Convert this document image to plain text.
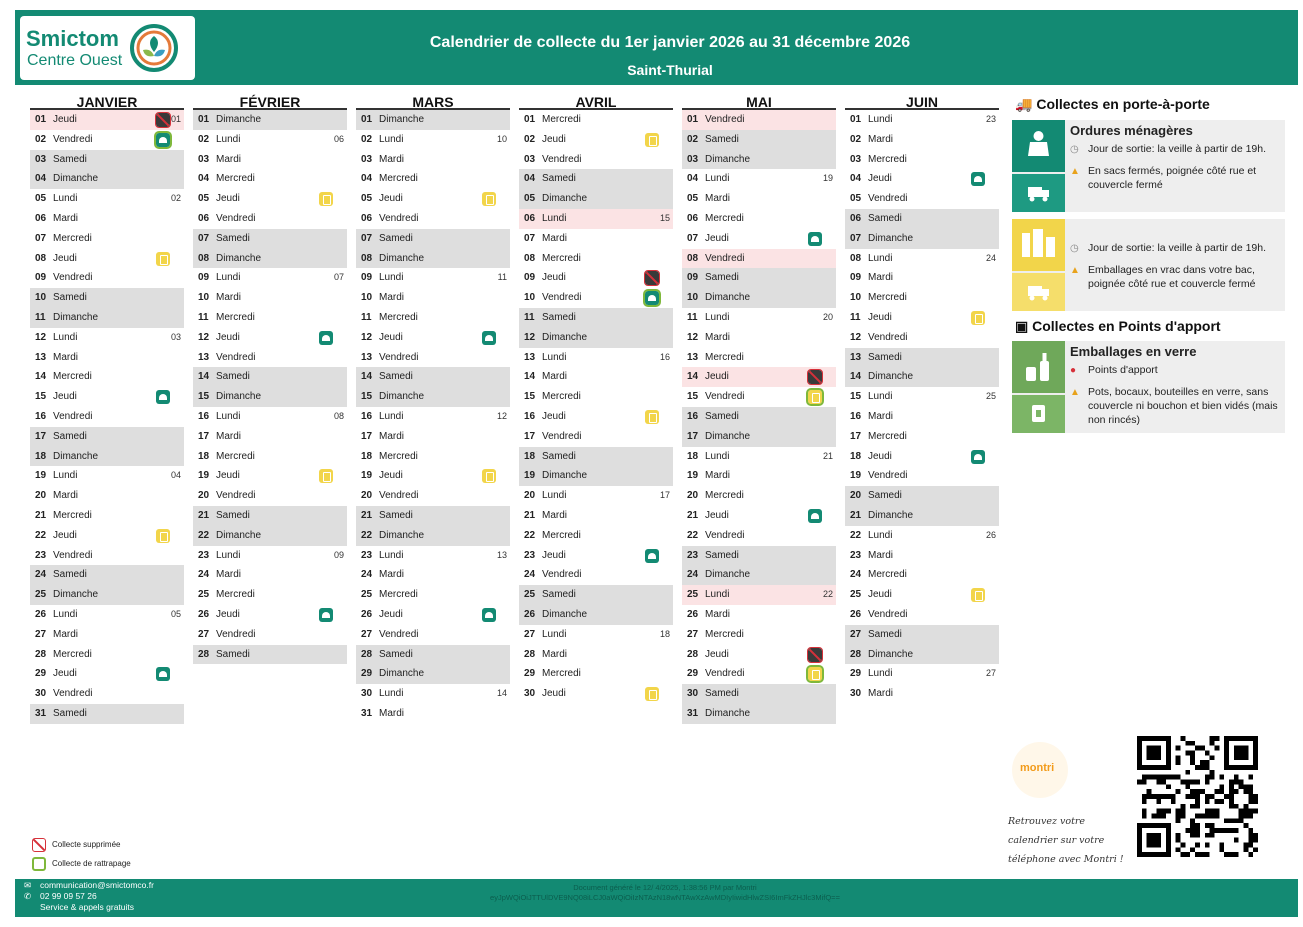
Calendrier de collecte du 1er janvier 2026 au 31 décembre 2026
Saint-Thurial
Smictom
Centre Ouest
JANVIER
01 Jeudi	01
02 Vendredi
03 Samedi
04 Dimanche
05 Lundi	02
06 Mardi
07 Mercredi
08 Jeudi
09 Vendredi
10 Samedi
11 Dimanche
12 Lundi	03
13 Mardi
14 Mercredi
15 Jeudi
16 Vendredi
17 Samedi
18 Dimanche
19 Lundi	04
20 Mardi
21 Mercredi
22 Jeudi
23 Vendredi
24 Samedi
25 Dimanche
26 Lundi	05
27 Mardi
28 Mercredi
29 Jeudi
30 Vendredi
31 Samedi
FÉVRIER
01 Dimanche
02 Lundi	06
03 Mardi
04 Mercredi
05 Jeudi
06 Vendredi
07 Samedi
08 Dimanche
09 Lundi	07
10 Mardi
11 Mercredi
12 Jeudi
13 Vendredi
14 Samedi
15 Dimanche
16 Lundi	08
17 Mardi
18 Mercredi
19 Jeudi
20 Vendredi
21 Samedi
22 Dimanche
23 Lundi	09
24 Mardi
25 Mercredi
26 Jeudi
27 Vendredi
28 Samedi
MARS
01 Dimanche
02 Lundi	10
03 Mardi
04 Mercredi
05 Jeudi
06 Vendredi
07 Samedi
08 Dimanche
09 Lundi	11
10 Mardi
11 Mercredi
12 Jeudi
13 Vendredi
14 Samedi
15 Dimanche
16 Lundi	12
17 Mardi
18 Mercredi
19 Jeudi
20 Vendredi
21 Samedi
22 Dimanche
23 Lundi	13
24 Mardi
25 Mercredi
26 Jeudi
27 Vendredi
28 Samedi
29 Dimanche
30 Lundi	14
31 Mardi
AVRIL
01 Mercredi
02 Jeudi
03 Vendredi
04 Samedi
05 Dimanche
06 Lundi	15
07 Mardi
08 Mercredi
09 Jeudi
10 Vendredi
11 Samedi
12 Dimanche
13 Lundi	16
14 Mardi
15 Mercredi
16 Jeudi
17 Vendredi
18 Samedi
19 Dimanche
20 Lundi	17
21 Mardi
22 Mercredi
23 Jeudi
24 Vendredi
25 Samedi
26 Dimanche
27 Lundi	18
28 Mardi
29 Mercredi
30 Jeudi
MAI
01 Vendredi
02 Samedi
03 Dimanche
04 Lundi	19
05 Mardi
06 Mercredi
07 Jeudi
08 Vendredi
09 Samedi
10 Dimanche
11 Lundi	20
12 Mardi
13 Mercredi
14 Jeudi
15 Vendredi
16 Samedi
17 Dimanche
18 Lundi	21
19 Mardi
20 Mercredi
21 Jeudi
22 Vendredi
23 Samedi
24 Dimanche
25 Lundi	22
26 Mardi
27 Mercredi
28 Jeudi
29 Vendredi
30 Samedi
31 Dimanche
JUIN
01 Lundi	23
02 Mardi
03 Mercredi
04 Jeudi
05 Vendredi
06 Samedi
07 Dimanche
08 Lundi	24
09 Mardi
10 Mercredi
11 Jeudi
12 Vendredi
13 Samedi
14 Dimanche
15 Lundi	25
16 Mardi
17 Mercredi
18 Jeudi
19 Vendredi
20 Samedi
21 Dimanche
22 Lundi	26
23 Mardi
24 Mercredi
25 Jeudi
26 Vendredi
27 Samedi
28 Dimanche
29 Lundi	27
30 Mardi
🚚 Collectes en porte-à-porte
Ordures ménagères
◷ Jour de sortie: la veille à partir de 19h.
▲ En sacs fermés, poignée côté rue et couvercle fermé
◷ Jour de sortie: la veille à partir de 19h.
▲ Emballages en vrac dans votre bac, poignée côté rue et couvercle fermé
▣ Collectes en Points d'apport
Emballages en verre
● Points d'apport
▲ Pots, bocaux, bouteilles en verre, sans couvercle ni bouchon et bien vidés (mais non rincés)
Collecte supprimée
Collecte de rattrapage
montri
Retrouvez votre
calendrier sur votre
téléphone avec Montri !
✉ communication@smictomco.fr
✆ 02 99 09 57 26
Service & appels gratuits
Document généré le 12/ 4/2025, 1:38:56 PM par Montri
eyJpWQiOiJTTUlDVE9NQ08iLCJ0aWQiOiIzNTAzN18wNTAwXzAwMDIyIiwidHlwZSI6ImFkZHJlc3MifQ==
